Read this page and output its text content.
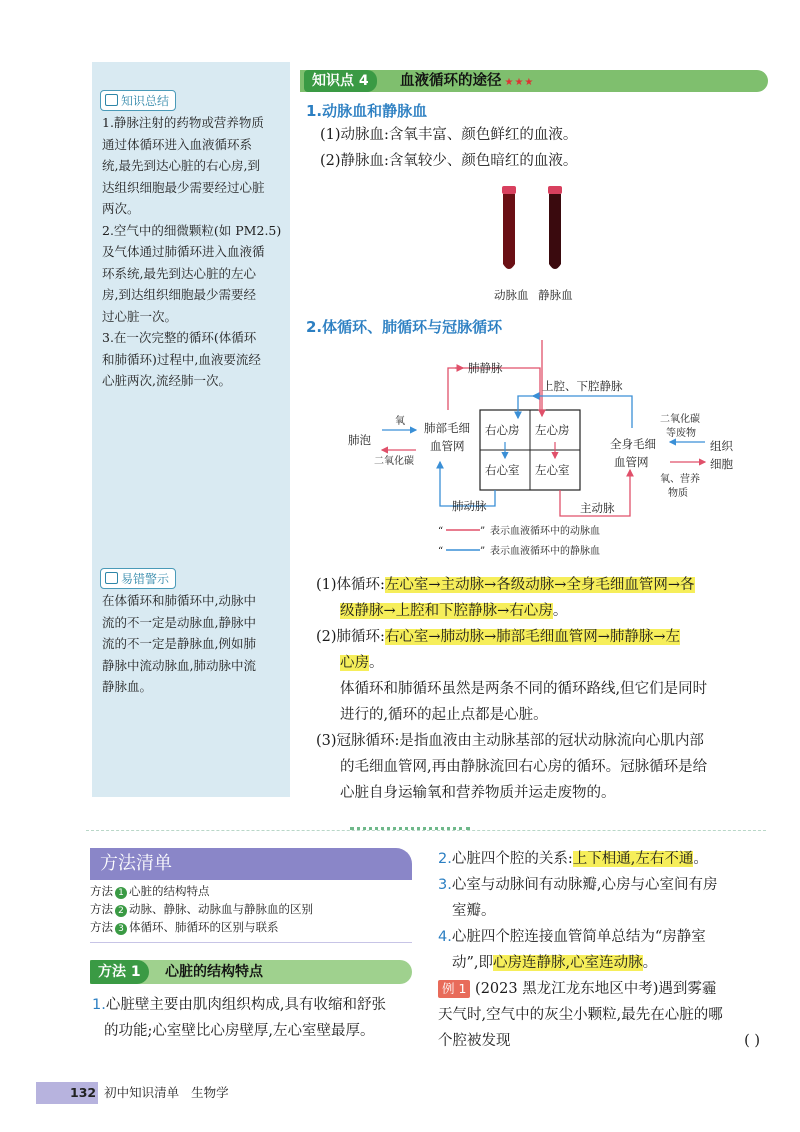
知识总结
1.静脉注射的药物或营养物质
通过体循环进入血液循环系
统,最先到达心脏的右心房,到
达组织细胞最少需要经过心脏
两次。
2.空气中的细微颗粒(如 PM2.5)
及气体通过肺循环进入血液循
环系统,最先到达心脏的左心
房,到达组织细胞最少需要经
过心脏一次。
3.在一次完整的循环(体循环
和肺循环)过程中,血液要流经
心脏两次,流经肺一次。
易错警示
在体循环和肺循环中,动脉中
流的不一定是动脉血,静脉中
流的不一定是静脉血,例如肺
静脉中流动脉血,肺动脉中流
静脉血。
知识点 4	血液循环的途径 ★★★
1.动脉血和静脉血
(1)动脉血:含氧丰富、颜色鲜红的血液。
(2)静脉血:含氧较少、颜色暗红的血液。
动脉血 静脉血
2.体循环、肺循环与冠脉循环
肺静脉
上腔、下腔静脉
氧
肺泡
二氧化碳
肺部毛细
血管网
右心房 左心房
右心室 左心室
全身毛细
血管网
二氧化碳
等废物
组织
细胞
氧、营养
物质
肺动脉	主动脉
“	” 表示血液循环中的动脉血
“	” 表示血液循环中的静脉血
(1)体循环:左心室→主动脉→各级动脉→全身毛细血管网→各
级静脉→上腔和下腔静脉→右心房。
(2)肺循环:右心室→肺动脉→肺部毛细血管网→肺静脉→左
心房。
体循环和肺循环虽然是两条不同的循环路线,但它们是同时
进行的,循环的起止点都是心脏。
(3)冠脉循环:是指血液由主动脉基部的冠状动脉流向心肌内部
的毛细血管网,再由静脉流回右心房的循环。冠脉循环是给
心脏自身运输氧和营养物质并运走废物的。
方法清单
方法 1 心脏的结构特点
方法 2 动脉、静脉、动脉血与静脉血的区别
方法 3 体循环、肺循环的区别与联系
方法 1	心脏的结构特点
1.心脏壁主要由肌肉组织构成,具有收缩和舒张
的功能;心室壁比心房壁厚,左心室壁最厚。
2.心脏四个腔的关系:上下相通,左右不通。
3.心室与动脉间有动脉瓣,心房与心室间有房
室瓣。
4.心脏四个腔连接血管简单总结为“房静室
动”,即心房连静脉,心室连动脉。
例 1 (2023 黑龙江龙东地区中考)遇到雾霾
天气时,空气中的灰尘小颗粒,最先在心脏的哪
个腔被发现	( )
132 初中知识清单 生物学
